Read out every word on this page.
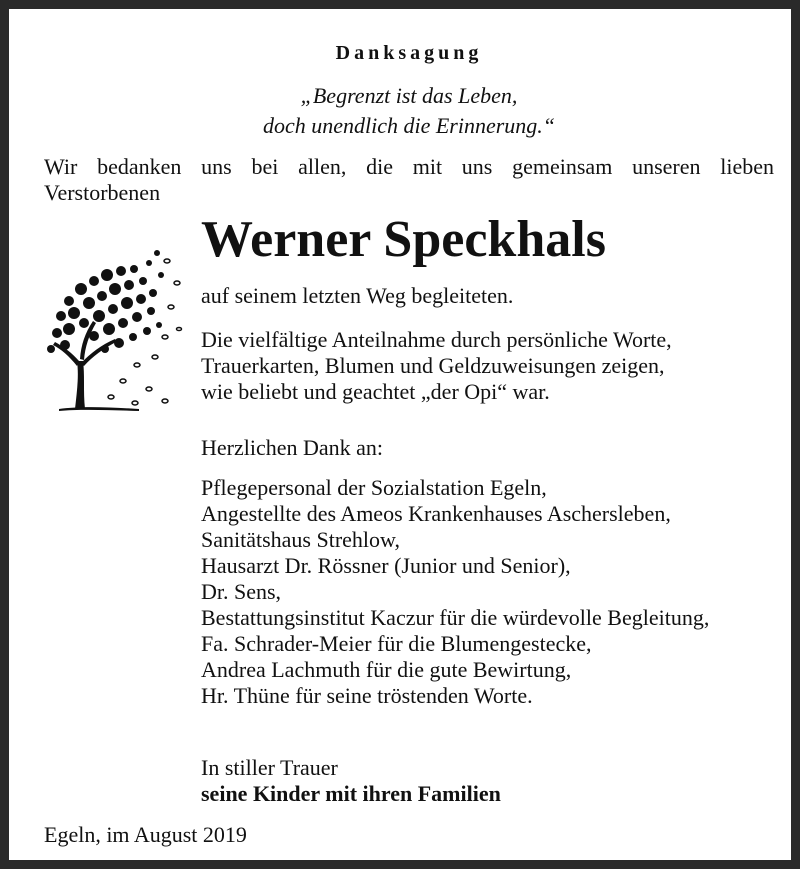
Danksagung
„Begrenzt ist das Leben,
doch unendlich die Erinnerung.“
Wir bedanken uns bei allen, die mit uns gemeinsam unseren lieben
Verstorbenen
Werner Speckhals
auf seinem letzten Weg begleiteten.
Die vielfältige Anteilnahme durch persönliche Worte,
Trauerkarten, Blumen und Geldzuweisungen zeigen,
wie beliebt und geachtet „der Opi“ war.
Herzlichen Dank an:
Pflegepersonal der Sozialstation Egeln,
Angestellte des Ameos Krankenhauses Aschersleben,
Sanitätshaus Strehlow,
Hausarzt Dr. Rössner (Junior und Senior),
Dr. Sens,
Bestattungsinstitut Kaczur für die würdevolle Begleitung,
Fa. Schrader-Meier für die Blumengestecke,
Andrea Lachmuth für die gute Bewirtung,
Hr. Thüne für seine tröstenden Worte.
In stiller Trauer
seine Kinder mit ihren Familien
Egeln, im August 2019
